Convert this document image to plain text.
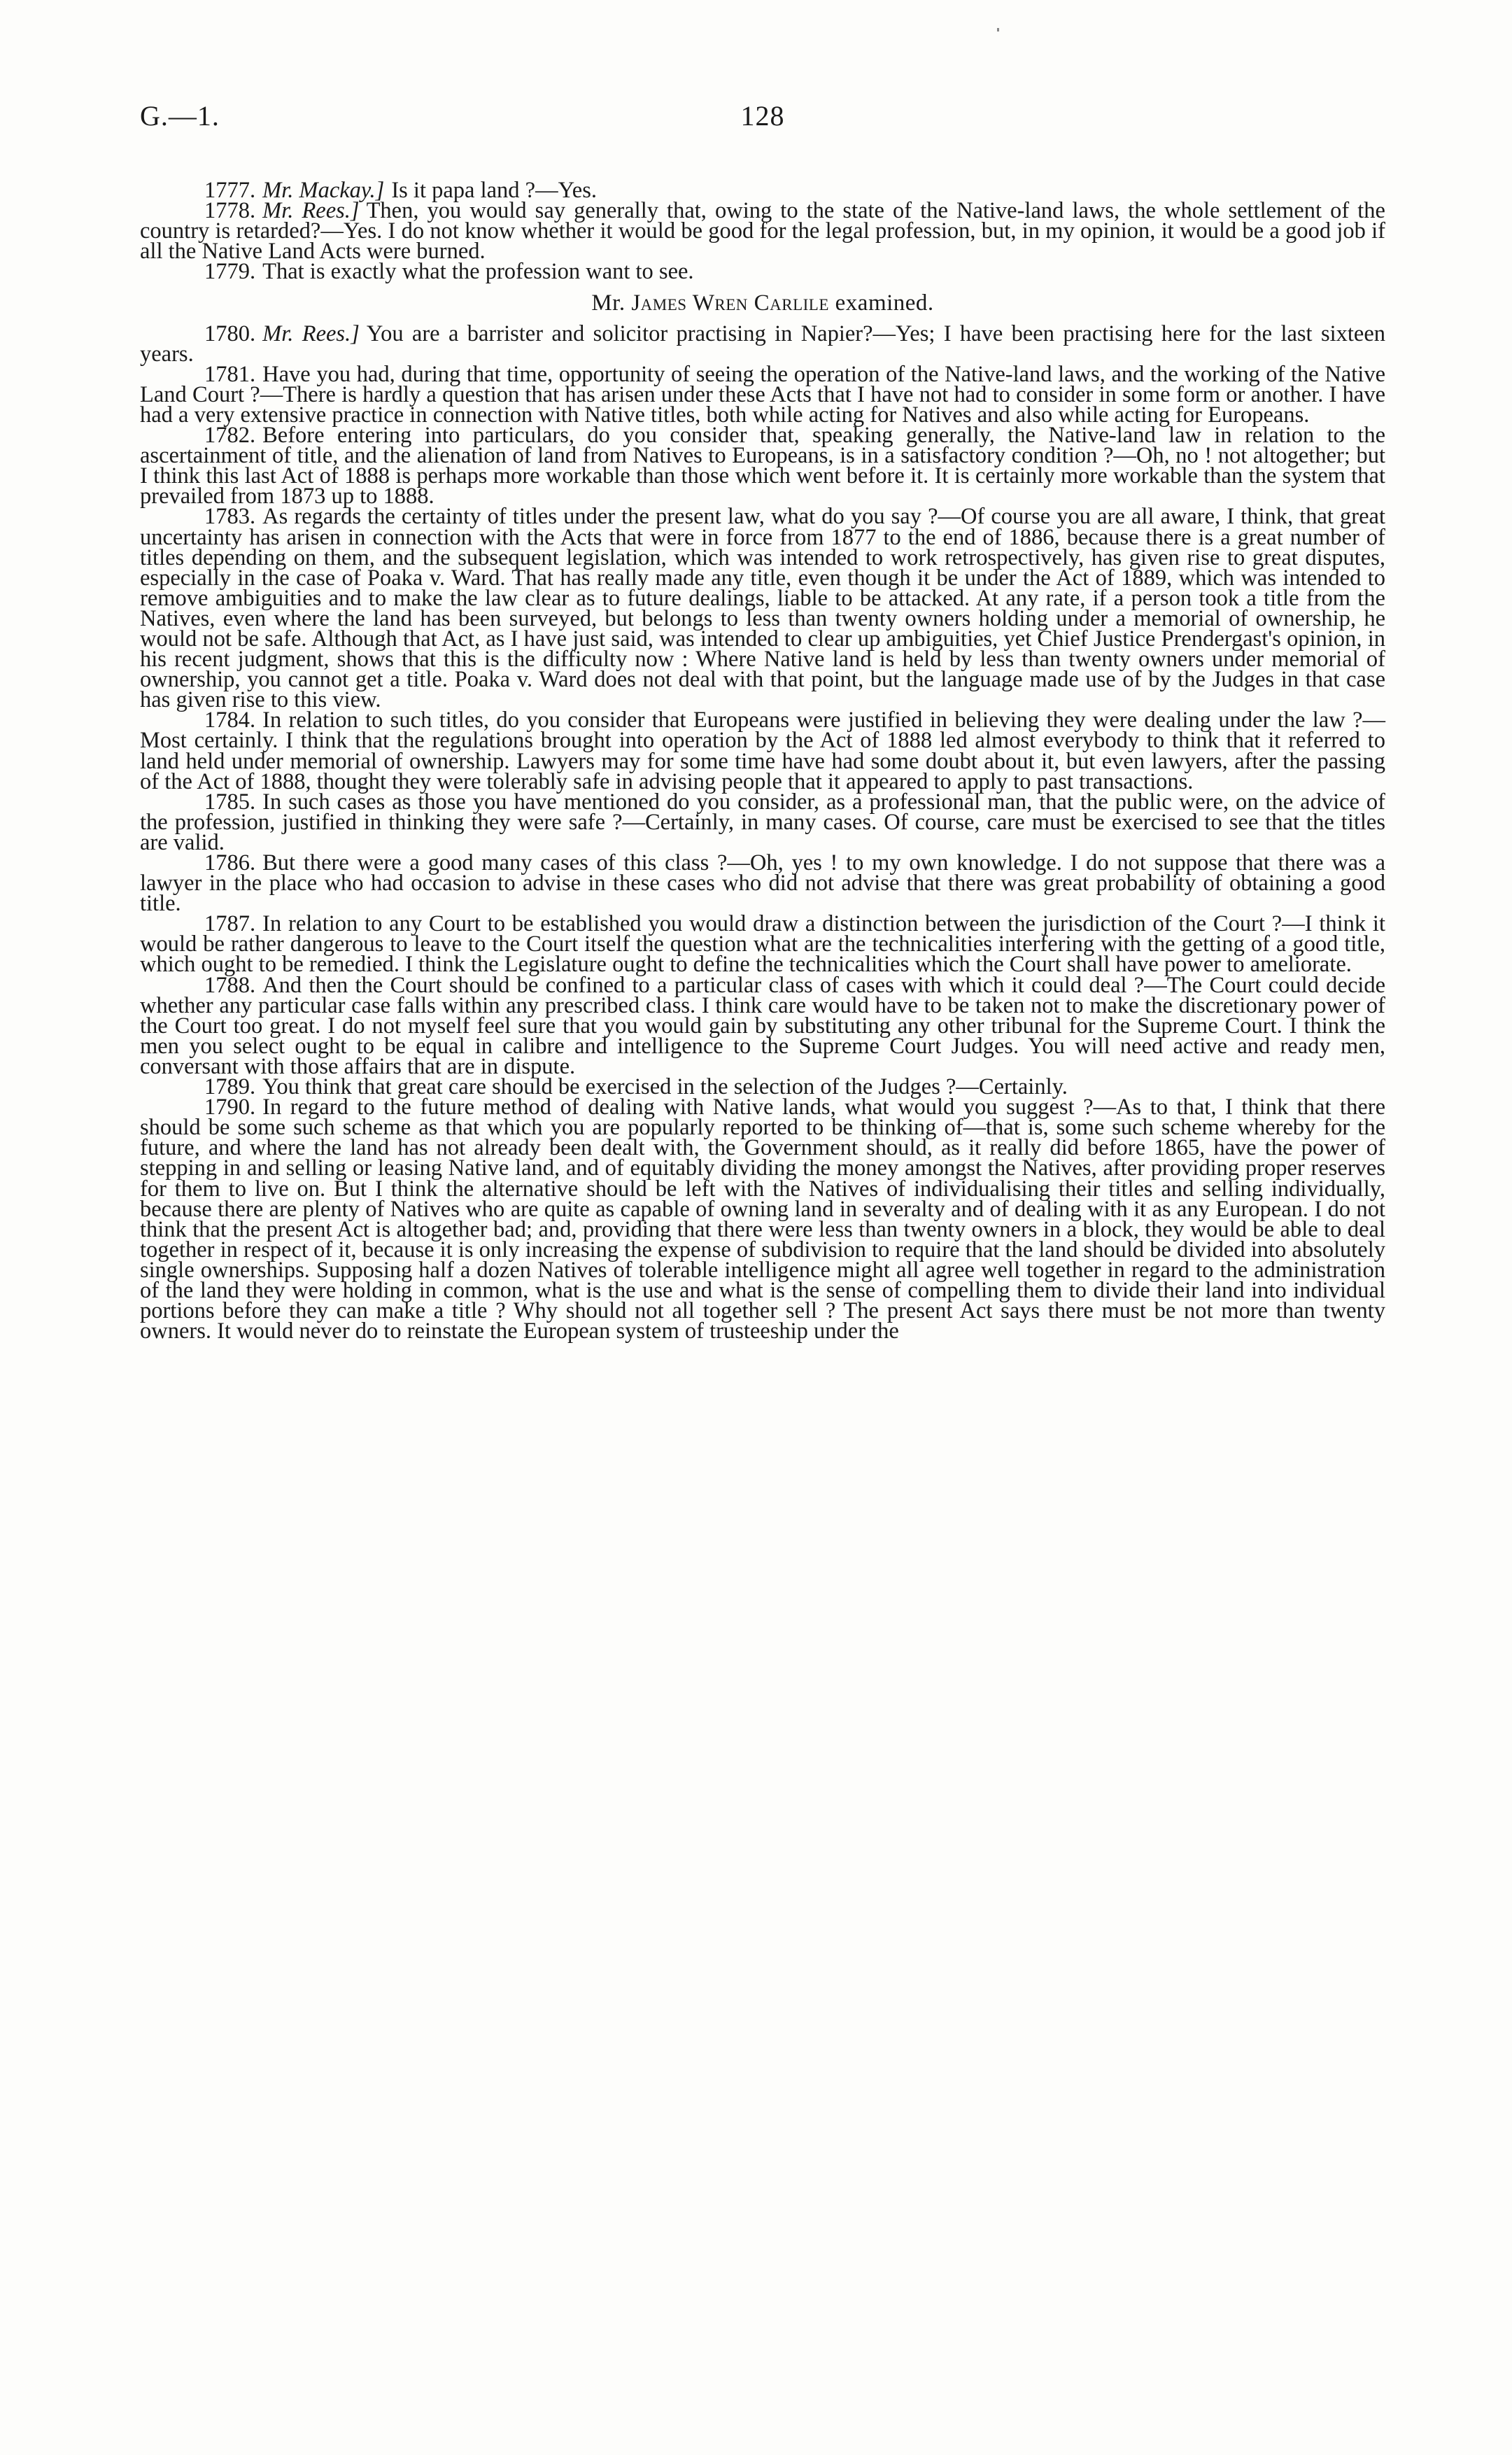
G.—1.	128

1777. Mr. Mackay.] Is it papa land ?—Yes.

1778. Mr. Rees.] Then, you would say generally that, owing to the state of the Native-land laws, the whole settlement of the country is retarded?—Yes. I do not know whether it would be good for the legal profession, but, in my opinion, it would be a good job if all the Native Land Acts were burned.

1779. That is exactly what the profession want to see.

Mr. James Wren Carlile examined.

1780. Mr. Rees.] You are a barrister and solicitor practising in Napier?—Yes; I have been practising here for the last sixteen years.

1781. Have you had, during that time, opportunity of seeing the operation of the Native-land laws, and the working of the Native Land Court ?—There is hardly a question that has arisen under these Acts that I have not had to consider in some form or another. I have had a very extensive practice in connection with Native titles, both while acting for Natives and also while acting for Europeans.

1782. Before entering into particulars, do you consider that, speaking generally, the Native-land law in relation to the ascertainment of title, and the alienation of land from Natives to Europeans, is in a satisfactory condition ?—Oh, no ! not altogether; but I think this last Act of 1888 is perhaps more workable than those which went before it. It is certainly more workable than the system that prevailed from 1873 up to 1888.

1783. As regards the certainty of titles under the present law, what do you say ?—Of course you are all aware, I think, that great uncertainty has arisen in connection with the Acts that were in force from 1877 to the end of 1886, because there is a great number of titles depending on them, and the subsequent legislation, which was intended to work retrospectively, has given rise to great disputes, especially in the case of Poaka v. Ward. That has really made any title, even though it be under the Act of 1889, which was intended to remove ambiguities and to make the law clear as to future dealings, liable to be attacked. At any rate, if a person took a title from the Natives, even where the land has been surveyed, but belongs to less than twenty owners holding under a memorial of ownership, he would not be safe. Although that Act, as I have just said, was intended to clear up ambiguities, yet Chief Justice Prendergast's opinion, in his recent judgment, shows that this is the difficulty now : Where Native land is held by less than twenty owners under memorial of ownership, you cannot get a title. Poaka v. Ward does not deal with that point, but the language made use of by the Judges in that case has given rise to this view.

1784. In relation to such titles, do you consider that Europeans were justified in believing they were dealing under the law ?—Most certainly. I think that the regulations brought into operation by the Act of 1888 led almost everybody to think that it referred to land held under memorial of ownership. Lawyers may for some time have had some doubt about it, but even lawyers, after the passing of the Act of 1888, thought they were tolerably safe in advising people that it appeared to apply to past transactions.

1785. In such cases as those you have mentioned do you consider, as a professional man, that the public were, on the advice of the profession, justified in thinking they were safe ?—Certainly, in many cases. Of course, care must be exercised to see that the titles are valid.

1786. But there were a good many cases of this class ?—Oh, yes ! to my own knowledge. I do not suppose that there was a lawyer in the place who had occasion to advise in these cases who did not advise that there was great probability of obtaining a good title.

1787. In relation to any Court to be established you would draw a distinction between the jurisdiction of the Court ?—I think it would be rather dangerous to leave to the Court itself the question what are the technicalities interfering with the getting of a good title, which ought to be remedied. I think the Legislature ought to define the technicalities which the Court shall have power to ameliorate.

1788. And then the Court should be confined to a particular class of cases with which it could deal ?—The Court could decide whether any particular case falls within any prescribed class. I think care would have to be taken not to make the discretionary power of the Court too great. I do not myself feel sure that you would gain by substituting any other tribunal for the Supreme Court. I think the men you select ought to be equal in calibre and intelligence to the Supreme Court Judges. You will need active and ready men, conversant with those affairs that are in dispute.

1789. You think that great care should be exercised in the selection of the Judges ?—Certainly.

1790. In regard to the future method of dealing with Native lands, what would you suggest ?—As to that, I think that there should be some such scheme as that which you are popularly reported to be thinking of—that is, some such scheme whereby for the future, and where the land has not already been dealt with, the Government should, as it really did before 1865, have the power of stepping in and selling or leasing Native land, and of equitably dividing the money amongst the Natives, after providing proper reserves for them to live on. But I think the alternative should be left with the Natives of individualising their titles and selling individually, because there are plenty of Natives who are quite as capable of owning land in severalty and of dealing with it as any European. I do not think that the present Act is altogether bad; and, providing that there were less than twenty owners in a block, they would be able to deal together in respect of it, because it is only increasing the expense of subdivision to require that the land should be divided into absolutely single ownerships. Supposing half a dozen Natives of tolerable intelligence might all agree well together in regard to the administration of the land they were holding in common, what is the use and what is the sense of compelling them to divide their land into individual portions before they can make a title ? Why should not all together sell ? The present Act says there must be not more than twenty owners. It would never do to reinstate the European system of trusteeship under the
